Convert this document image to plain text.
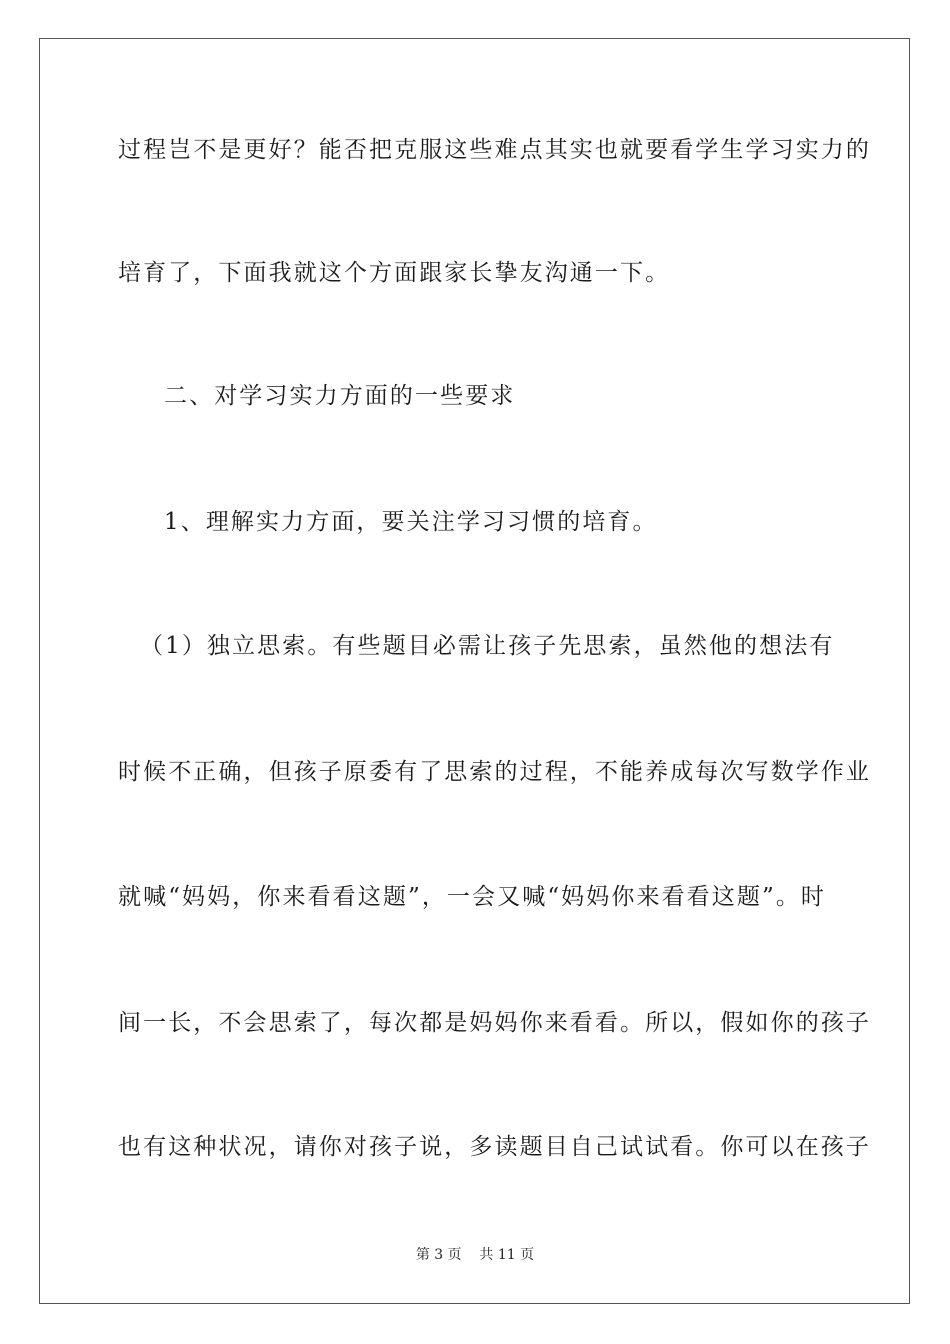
过程岂不是更好？能否把克服这些难点其实也就要看学生学习实力的
培育了，下面我就这个方面跟家长挚友沟通一下。
二、对学习实力方面的一些要求
1、理解实力方面，要关注学习习惯的培育。
（1）独立思索。有些题目必需让孩子先思索，虽然他的想法有
时候不正确，但孩子原委有了思索的过程，不能养成每次写数学作业
就喊“妈妈，你来看看这题”，一会又喊“妈妈你来看看这题”。时
间一长，不会思索了，每次都是妈妈你来看看。所以，假如你的孩子
也有这种状况，请你对孩子说，多读题目自己试试看。你可以在孩子
第 3 页    共 11 页
